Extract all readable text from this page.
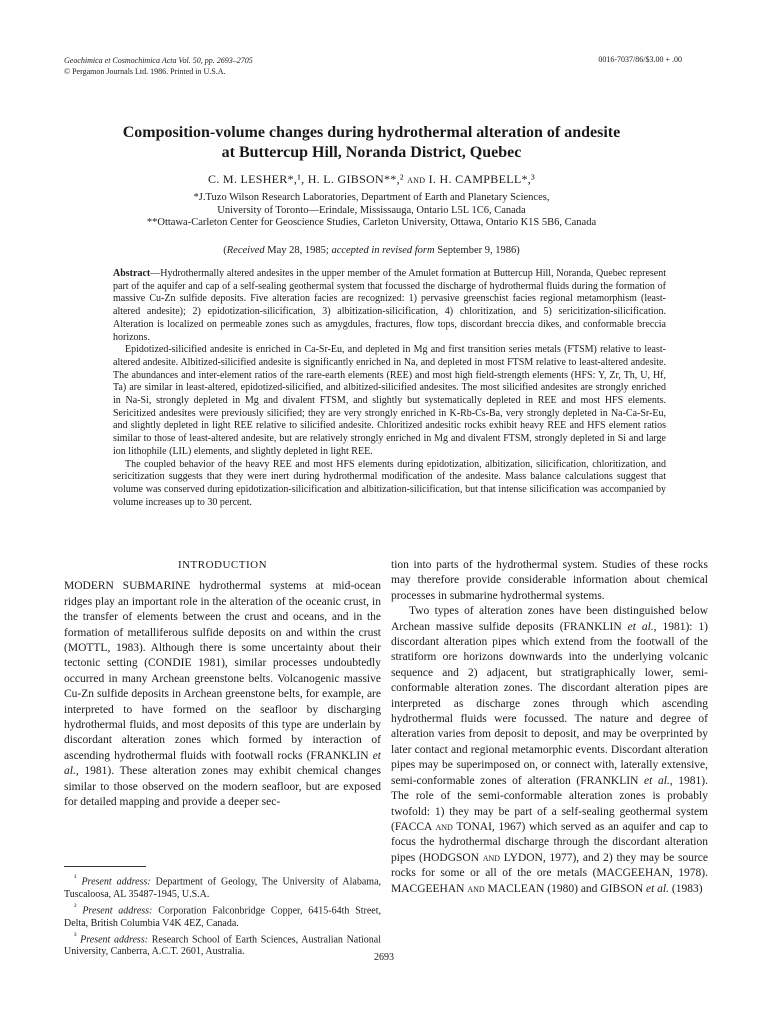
Geochimica et Cosmochimica Acta Vol. 50, pp. 2693–2705
© Pergamon Journals Ltd. 1986. Printed in U.S.A.
0016-7037/86/$3.00 + .00
Composition-volume changes during hydrothermal alteration of andesite
at Buttercup Hill, Noranda District, Quebec
C. M. LESHER*,¹, H. L. GIBSON**,² and I. H. CAMPBELL*,³
*J.Tuzo Wilson Research Laboratories, Department of Earth and Planetary Sciences,
University of Toronto—Erindale, Mississauga, Ontario L5L 1C6, Canada
**Ottawa-Carleton Center for Geoscience Studies, Carleton University, Ottawa, Ontario K1S 5B6, Canada
(Received May 28, 1985; accepted in revised form September 9, 1986)

Abstract—Hydrothermally altered andesites in the upper member of the Amulet formation at Buttercup Hill, Noranda, Quebec represent part of the aquifer and cap of a self-sealing geothermal system that focussed the discharge of hydrothermal fluids during the formation of massive Cu-Zn sulfide deposits. Five alteration facies are recognized: 1) pervasive greenschist facies regional metamorphism (least-altered andesite); 2) epidotization-silicification, 3) albitization-silicification, 4) chloritization, and 5) sericitization-silicification. Alteration is localized on permeable zones such as amygdules, fractures, flow tops, discordant breccia dikes, and conformable breccia horizons.

Epidotized-silicified andesite is enriched in Ca-Sr-Eu, and depleted in Mg and first transition series metals (FTSM) relative to least-altered andesite. Albitized-silicified andesite is significantly enriched in Na, and depleted in most FTSM relative to least-altered andesite. The abundances and inter-element ratios of the rare-earth elements (REE) and most high field-strength elements (HFS: Y, Zr, Th, U, Hf, Ta) are similar in least-altered, epidotized-silicified, and albitized-silicified andesites. The most silicified andesites are strongly enriched in Na-Si, strongly depleted in Mg and divalent FTSM, and slightly but systematically depleted in REE and most HFS elements. Sericitized andesites were previously silicified; they are very strongly enriched in K-Rb-Cs-Ba, very strongly depleted in Na-Ca-Sr-Eu, and slightly depleted in light REE relative to silicified andesite. Chloritized andesitic rocks exhibit heavy REE and HFS element ratios similar to those of least-altered andesite, but are relatively strongly enriched in Mg and divalent FTSM, strongly depleted in Si and large ion lithophile (LIL) elements, and slightly depleted in light REE.

The coupled behavior of the heavy REE and most HFS elements during epidotization, albitization, silicification, chloritization, and sericitization suggests that they were inert during hydrothermal modification of the andesite. Mass balance calculations suggest that volume was conserved during epidotization-silicification and albitization-silicification, but that intense silicification was accompanied by volume increases up to 30 percent.

INTRODUCTION

MODERN SUBMARINE hydrothermal systems at mid-ocean ridges play an important role in the alteration of the oceanic crust, in the transfer of elements between the crust and oceans, and in the formation of metalliferous sulfide deposits on and within the crust (MOTTL, 1983). Although there is some uncertainty about their tectonic setting (CONDIE 1981), similar processes undoubtedly occurred in many Archean greenstone belts. Volcanogenic massive Cu-Zn sulfide deposits in Archean greenstone belts, for example, are interpreted to have formed on the seafloor by discharging hydrothermal fluids, and most deposits of this type are underlain by discordant alteration zones which formed by interaction of ascending hydrothermal fluids with footwall rocks (FRANKLIN et al., 1981). These alteration zones may exhibit chemical changes similar to those observed on the modern seafloor, but are exposed for detailed mapping and provide a deeper sec-

tion into parts of the hydrothermal system. Studies of these rocks may therefore provide considerable information about chemical processes in submarine hydrothermal systems.

Two types of alteration zones have been distinguished below Archean massive sulfide deposits (FRANKLIN et al., 1981): 1) discordant alteration pipes which extend from the footwall of the stratiform ore horizons downwards into the underlying volcanic sequence and 2) adjacent, but stratigraphically lower, semi-conformable alteration zones. The discordant alteration pipes are interpreted as discharge zones through which ascending hydrothermal fluids were focussed. The nature and degree of alteration varies from deposit to deposit, and may be overprinted by later contact and regional metamorphic events. Discordant alteration pipes may be superimposed on, or connect with, laterally extensive, semi-conformable zones of alteration (FRANKLIN et al., 1981). The role of the semi-conformable alteration zones is probably twofold: 1) they may be part of a self-sealing geothermal system (FACCA and TONAI, 1967) which served as an aquifer and cap to focus the hydrothermal discharge through the discordant alteration pipes (HODGSON and LYDON, 1977), and 2) they may be source rocks for some or all of the ore metals (MACGEEHAN, 1978). MACGEEHAN and MACLEAN (1980) and GIBSON et al. (1983)

$^{^1}$ Present address: Department of Geology, The University of Alabama, Tuscaloosa, AL 35487-1945, U.S.A.

$^{^2}$ Present address: Corporation Falconbridge Copper, 6415-64th Street, Delta, British Columbia V4K 4EZ, Canada.

$^{^3}$ Present address: Research School of Earth Sciences, Australian National University, Canberra, A.C.T. 2601, Australia.

2693
